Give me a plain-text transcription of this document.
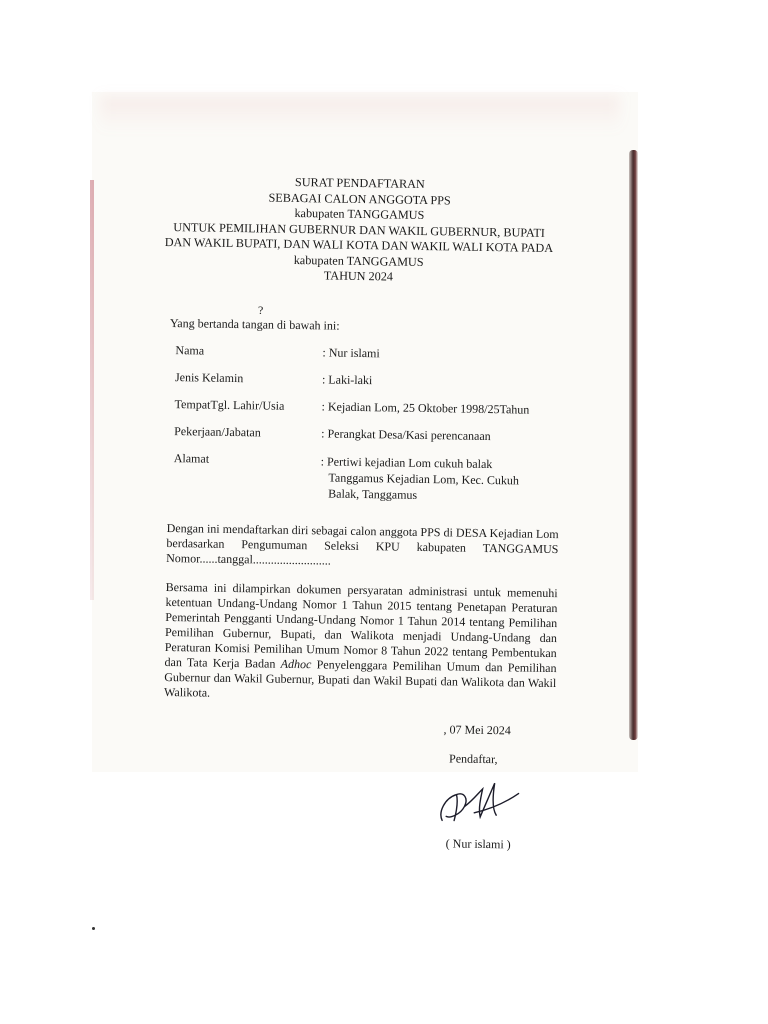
SURAT PENDAFTARAN
SEBAGAI CALON ANGGOTA PPS
kabupaten TANGGAMUS
UNTUK PEMILIHAN GUBERNUR DAN WAKIL GUBERNUR, BUPATI
DAN WAKIL BUPATI, DAN WALI KOTA DAN WAKIL WALI KOTA PADA
kabupaten TANGGAMUS
TAHUN 2024
?

Yang bertanda tangan di bawah ini:

Nama	: Nur islami
Jenis Kelamin	: Laki-laki
TempatTgl. Lahir/Usia	: Kejadian Lom, 25 Oktober 1998/25Tahun
Pekerjaan/Jabatan	: Perangkat Desa/Kasi perencanaan
Alamat	: Pertiwi kejadian Lom cukuh balak
Tanggamus Kejadian Lom, Kec. Cukuh
Balak, Tanggamus

Dengan ini mendaftarkan diri sebagai calon anggota PPS di DESA Kejadian Lom berdasarkan Pengumuman Seleksi KPU kabupaten TANGGAMUS Nomor......tanggal..........................

Bersama ini dilampirkan dokumen persyaratan administrasi untuk memenuhi ketentuan Undang-Undang Nomor 1 Tahun 2015 tentang Penetapan Peraturan Pemerintah Pengganti Undang-Undang Nomor 1 Tahun 2014 tentang Pemilihan Pemilihan Gubernur, Bupati, dan Walikota menjadi Undang-Undang dan Peraturan Komisi Pemilihan Umum Nomor 8 Tahun 2022 tentang Pembentukan dan Tata Kerja Badan Adhoc Penyelenggara Pemilihan Umum dan Pemilihan Gubernur dan Wakil Gubernur, Bupati dan Wakil Bupati dan Walikota dan Wakil Walikota.

, 07 Mei 2024
Pendaftar,
( Nur islami )
